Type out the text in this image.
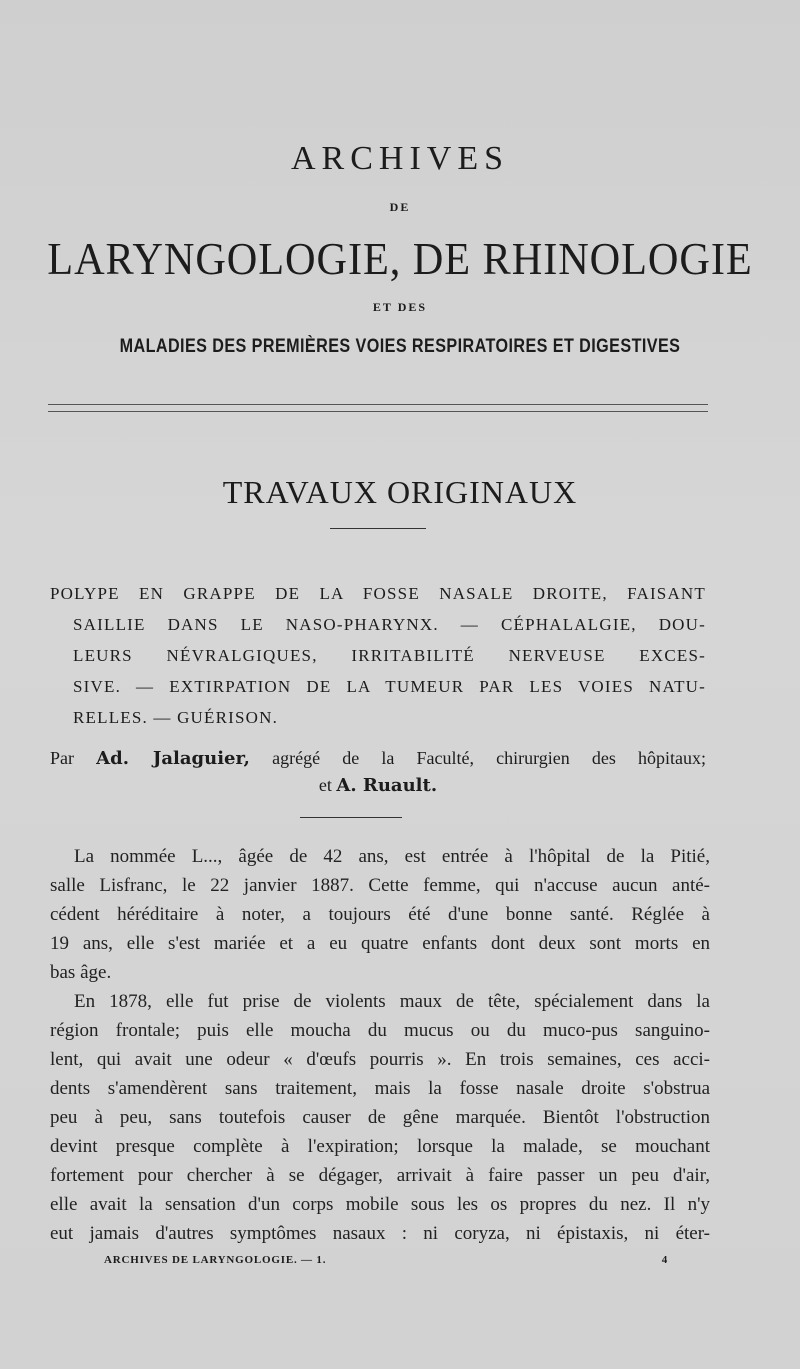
ARCHIVES
DE
LARYNGOLOGIE, DE RHINOLOGIE
ET DES
MALADIES DES PREMIÈRES VOIES RESPIRATOIRES ET DIGESTIVES
TRAVAUX ORIGINAUX
POLYPE EN GRAPPE DE LA FOSSE NASALE DROITE, FAISANT
SAILLIE DANS LE NASO-PHARYNX. — CÉPHALALGIE, DOU-
LEURS NÉVRALGIQUES, IRRITABILITÉ NERVEUSE EXCES-
SIVE. — EXTIRPATION DE LA TUMEUR PAR LES VOIES NATU-
RELLES. — GUÉRISON.
Par Ad. Jalaguier, agrégé de la Faculté, chirurgien des hôpitaux;
et A. Ruault.

La nommée L..., âgée de 42 ans, est entrée à l'hôpital de la Pitié,
salle Lisfranc, le 22 janvier 1887. Cette femme, qui n'accuse aucun anté-
cédent héréditaire à noter, a toujours été d'une bonne santé. Réglée à
19 ans, elle s'est mariée et a eu quatre enfants dont deux sont morts en
bas âge.

En 1878, elle fut prise de violents maux de tête, spécialement dans la
région frontale; puis elle moucha du mucus ou du muco-pus sanguino-
lent, qui avait une odeur « d'œufs pourris ». En trois semaines, ces acci-
dents s'amendèrent sans traitement, mais la fosse nasale droite s'obstrua
peu à peu, sans toutefois causer de gêne marquée. Bientôt l'obstruction
devint presque complète à l'expiration; lorsque la malade, se mouchant
fortement pour chercher à se dégager, arrivait à faire passer un peu d'air,
elle avait la sensation d'un corps mobile sous les os propres du nez. Il n'y
eut jamais d'autres symptômes nasaux : ni coryza, ni épistaxis, ni éter-

ARCHIVES DE LARYNGOLOGIE. — 1.	4
